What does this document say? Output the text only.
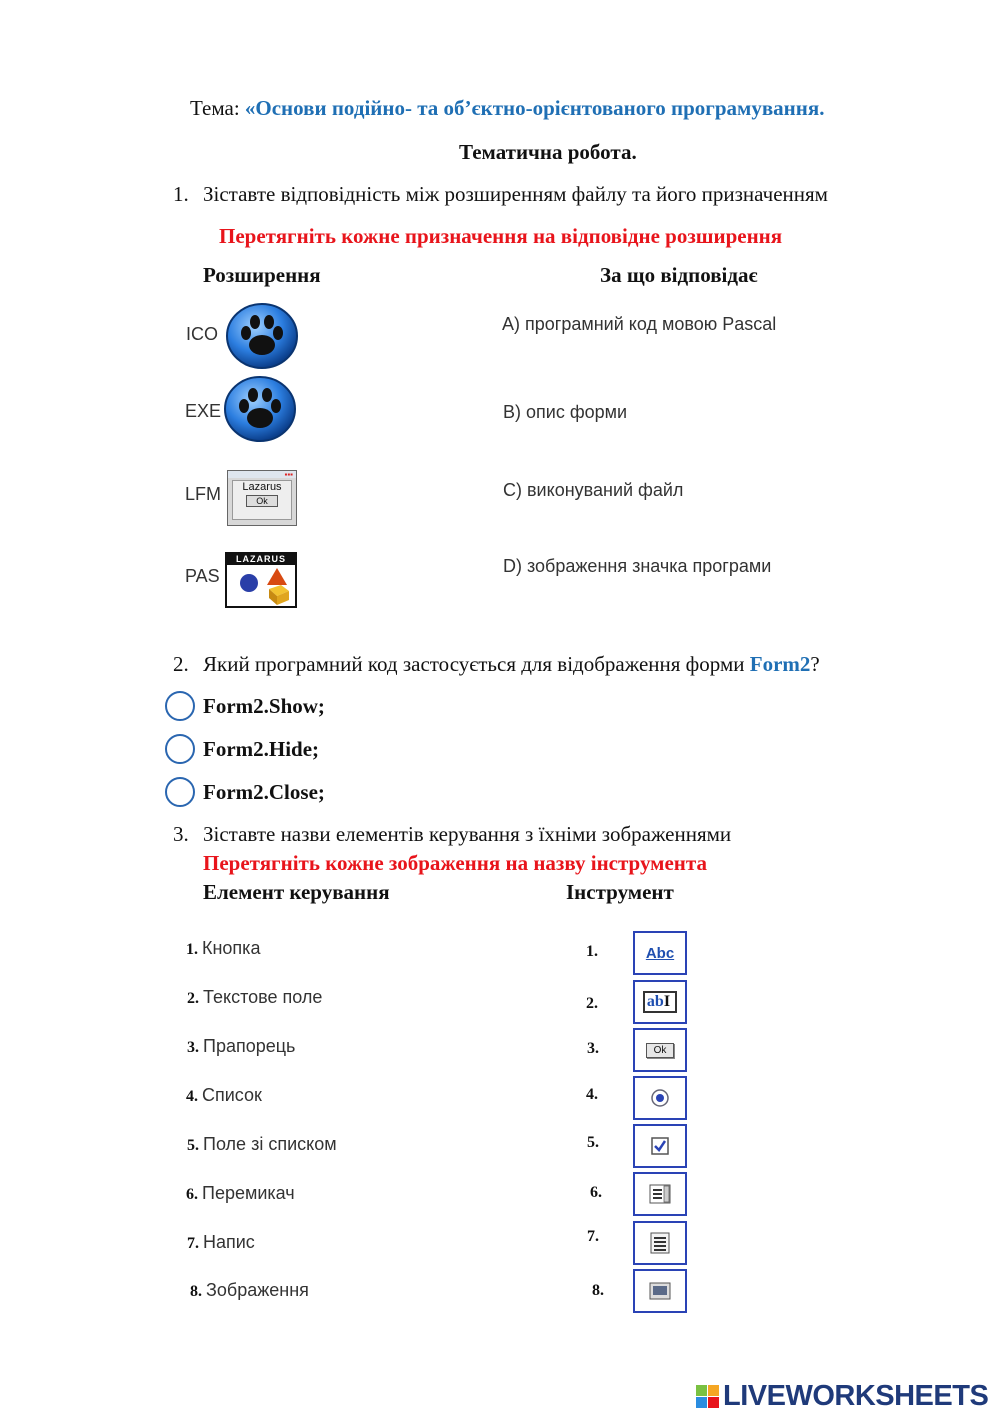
Тема: «Основи подійно- та об’єктно-орієнтованого програмування.
Тематична робота.
1. Зіставте відповідність між розширенням файлу та його призначенням
Перетягніть кожне призначення на відповідне розширення
Розширення	За що відповідає
ICO
EXE
LFM
▪▪▪
Lazarus
Ok
PAS
LAZARUS
A) програмний код мовою Pascal
B) опис форми
C) виконуваний файл
D) зображення значка програми
2. Який програмний код застосується для відображення форми Form2?
Form2.Show;
Form2.Hide;
Form2.Close;
3. Зіставте назви елементів керування з їхніми зображеннями
Перетягніть кожне зображення на назву інструмента
Елемент керування	Інструмент
1. Кнопка
2. Текстове поле
3. Прапорець
4. Список
5. Поле зі списком
6. Перемикач
7. Напис
8. Зображення
1.
2.
3.
4.
5.
6.
7.
8.
Abc
abI
Ok
LIVEWORKSHEETS
